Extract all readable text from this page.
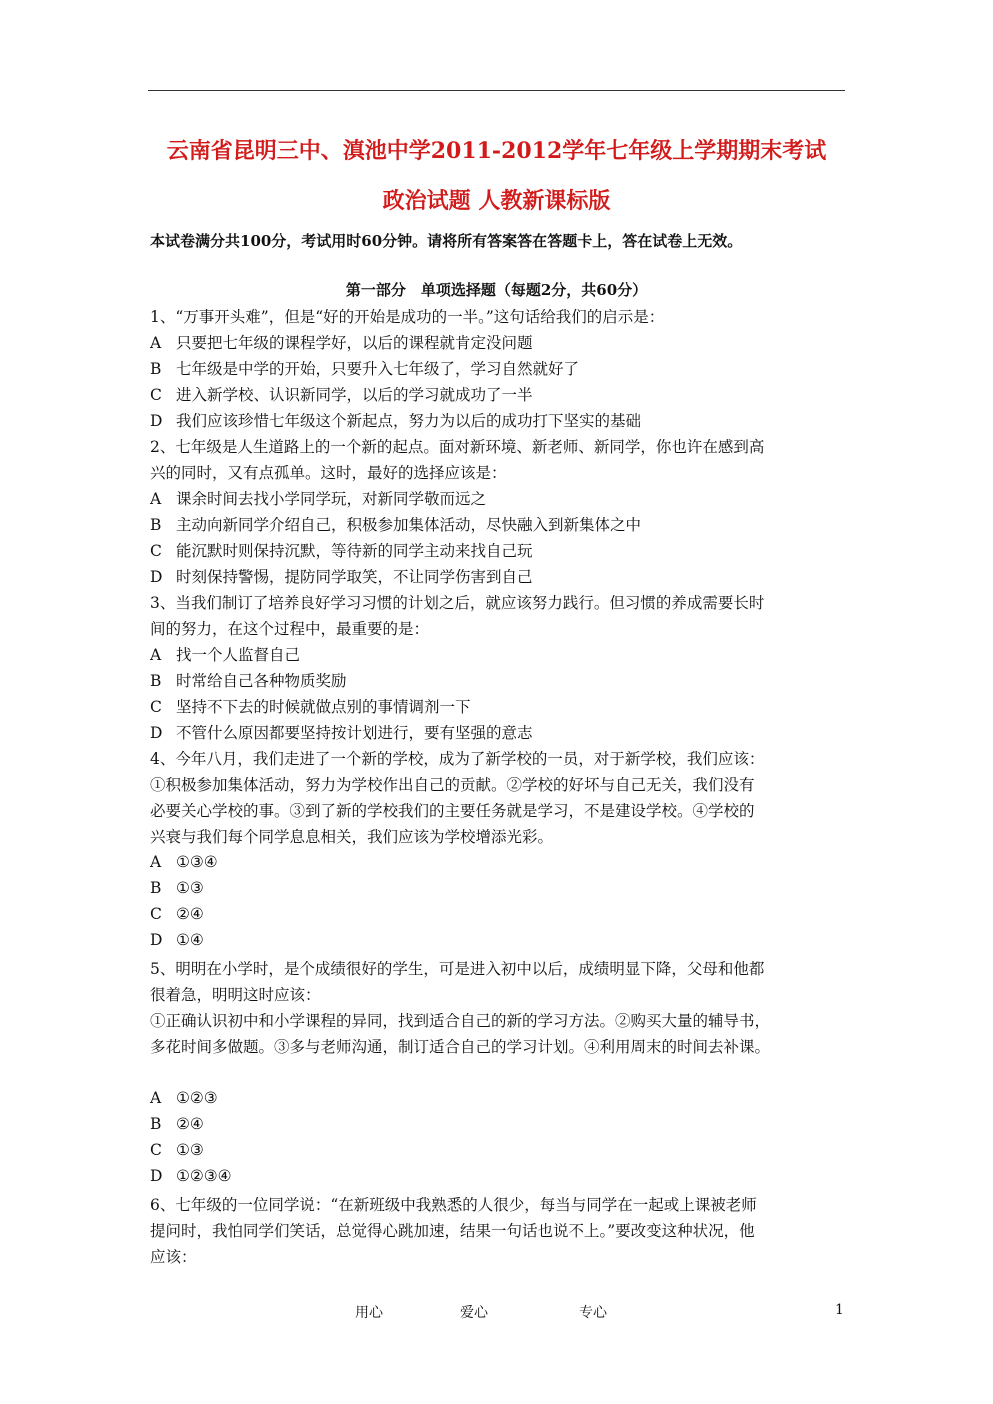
云南省昆明三中、滇池中学2011-2012学年七年级上学期期末考试
政治试题 人教新课标版
本试卷满分共100分，考试用时60分钟。请将所有答案答在答题卡上，答在试卷上无效。
第一部分　单项选择题（每题2分，共60分）
1、“万事开头难”，但是“好的开始是成功的一半。”这句话给我们的启示是：
A 只要把七年级的课程学好，以后的课程就肯定没问题
B 七年级是中学的开始，只要升入七年级了，学习自然就好了
C 进入新学校、认识新同学，以后的学习就成功了一半
D 我们应该珍惜七年级这个新起点，努力为以后的成功打下坚实的基础
2、七年级是人生道路上的一个新的起点。面对新环境、新老师、新同学，你也许在感到高
兴的同时，又有点孤单。这时，最好的选择应该是：
A 课余时间去找小学同学玩，对新同学敬而远之
B 主动向新同学介绍自己，积极参加集体活动，尽快融入到新集体之中
C 能沉默时则保持沉默，等待新的同学主动来找自己玩
D 时刻保持警惕，提防同学取笑，不让同学伤害到自己
3、当我们制订了培养良好学习习惯的计划之后，就应该努力践行。但习惯的养成需要长时
间的努力，在这个过程中，最重要的是：
A 找一个人监督自己
B 时常给自己各种物质奖励
C 坚持不下去的时候就做点别的事情调剂一下
D 不管什么原因都要坚持按计划进行，要有坚强的意志
4、今年八月，我们走进了一个新的学校，成为了新学校的一员，对于新学校，我们应该：
①积极参加集体活动，努力为学校作出自己的贡献。②学校的好坏与自己无关，我们没有
必要关心学校的事。③到了新的学校我们的主要任务就是学习，不是建设学校。④学校的
兴衰与我们每个同学息息相关，我们应该为学校增添光彩。
A ①③④
B ①③
C ②④
D ①④
5、明明在小学时，是个成绩很好的学生，可是进入初中以后，成绩明显下降，父母和他都
很着急，明明这时应该：
①正确认识初中和小学课程的异同，找到适合自己的新的学习方法。②购买大量的辅导书，
多花时间多做题。③多与老师沟通，制订适合自己的学习计划。④利用周末的时间去补课。
A ①②③
B ②④
C ①③
D ①②③④
6、七年级的一位同学说：“在新班级中我熟悉的人很少，每当与同学在一起或上课被老师
提问时，我怕同学们笑话，总觉得心跳加速，结果一句话也说不上。”要改变这种状况，他
应该：
用心	爱心	专心	1
